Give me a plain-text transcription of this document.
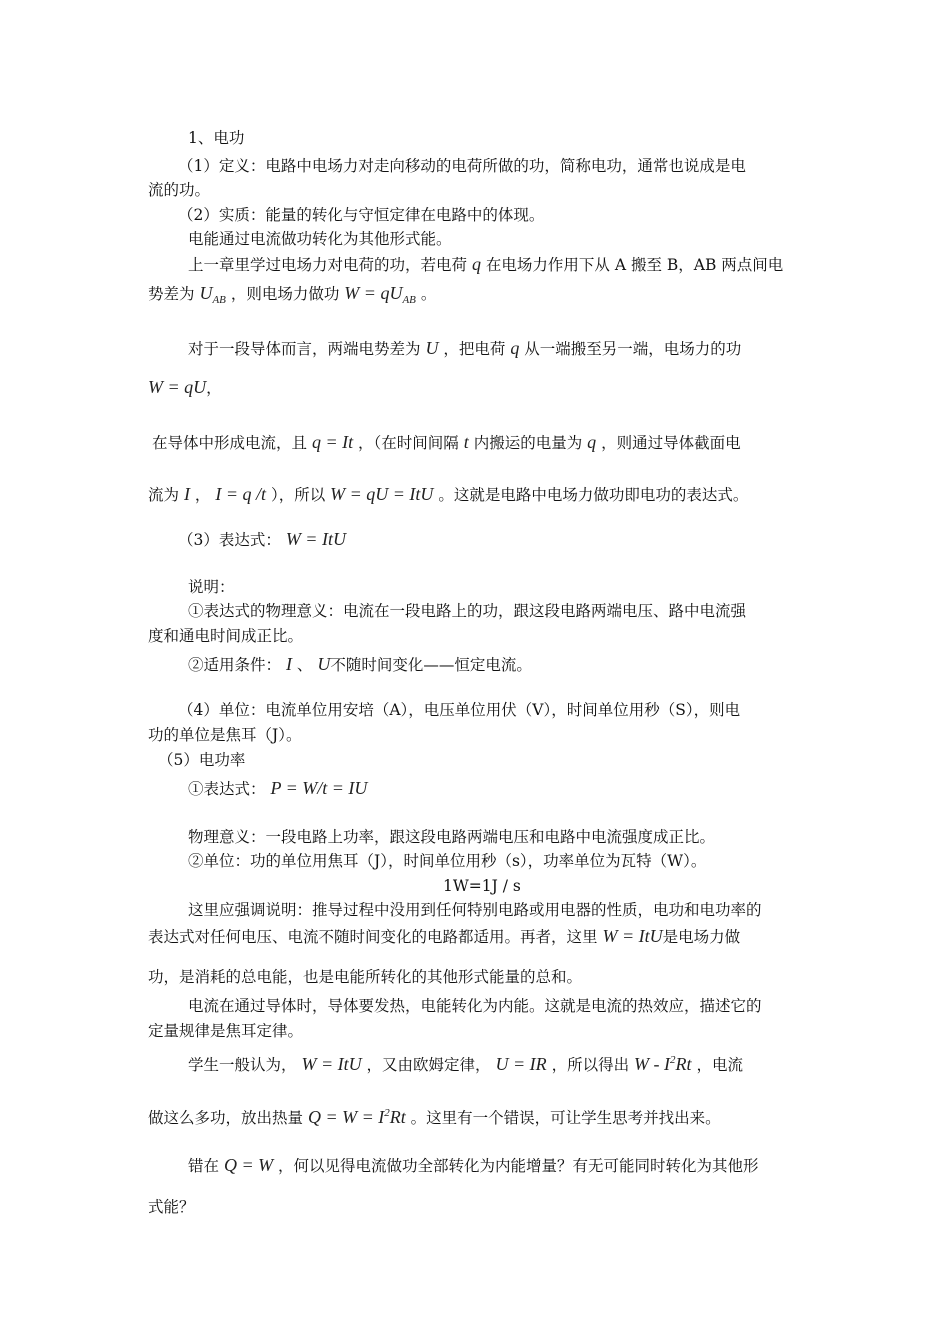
1、电功
（1）定义：电路中电场力对走向移动的电荷所做的功，简称电功，通常也说成是电
流的功。
（2）实质：能量的转化与守恒定律在电路中的体现。
电能通过电流做功转化为其他形式能。
上一章里学过电场力对电荷的功，若电荷 q 在电场力作用下从 A 搬至 B，AB 两点间电
势差为 $U_{AB}$ ，则电场力做功 $W = qU_{AB}$ 。
对于一段导体而言，两端电势差为 U ，把电荷 q 从一端搬至另一端，电场力的功
W = qU，
在导体中形成电流，且 q = It ，（在时间间隔 t 内搬运的电量为 q ，则通过导体截面电
流为 I ， I = q /t ），所以 W = qU = ItU 。这就是电路中电场力做功即电功的表达式。
（3）表达式： W = ItU
说明：
①表达式的物理意义：电流在一段电路上的功，跟这段电路两端电压、路中电流强
度和通电时间成正比。
②适用条件： I 、 U不随时间变化——恒定电流。
（4）单位：电流单位用安培（A），电压单位用伏（V），时间单位用秒（S），则电
功的单位是焦耳（J）。
（5）电功率
①表达式： P = W/t = IU
物理意义：一段电路上功率，跟这段电路两端电压和电路中电流强度成正比。
②单位：功的单位用焦耳（J），时间单位用秒（s），功率单位为瓦特（W）。
1W=1J / s
这里应强调说明：推导过程中没用到任何特别电路或用电器的性质，电功和电功率的
表达式对任何电压、电流不随时间变化的电路都适用。再者，这里 W = ItU是电场力做
功，是消耗的总电能，也是电能所转化的其他形式能量的总和。
电流在通过导体时，导体要发热，电能转化为内能。这就是电流的热效应，描述它的
定量规律是焦耳定律。
学生一般认为， W = ItU ，又由欧姆定律， U = IR ，所以得出 W - $I^2Rt$ ，电流
做这么多功，放出热量 $Q = W = I^2Rt$ 。这里有一个错误，可让学生思考并找出来。
错在 Q = W ，何以见得电流做功全部转化为内能增量？有无可能同时转化为其他形
式能？
